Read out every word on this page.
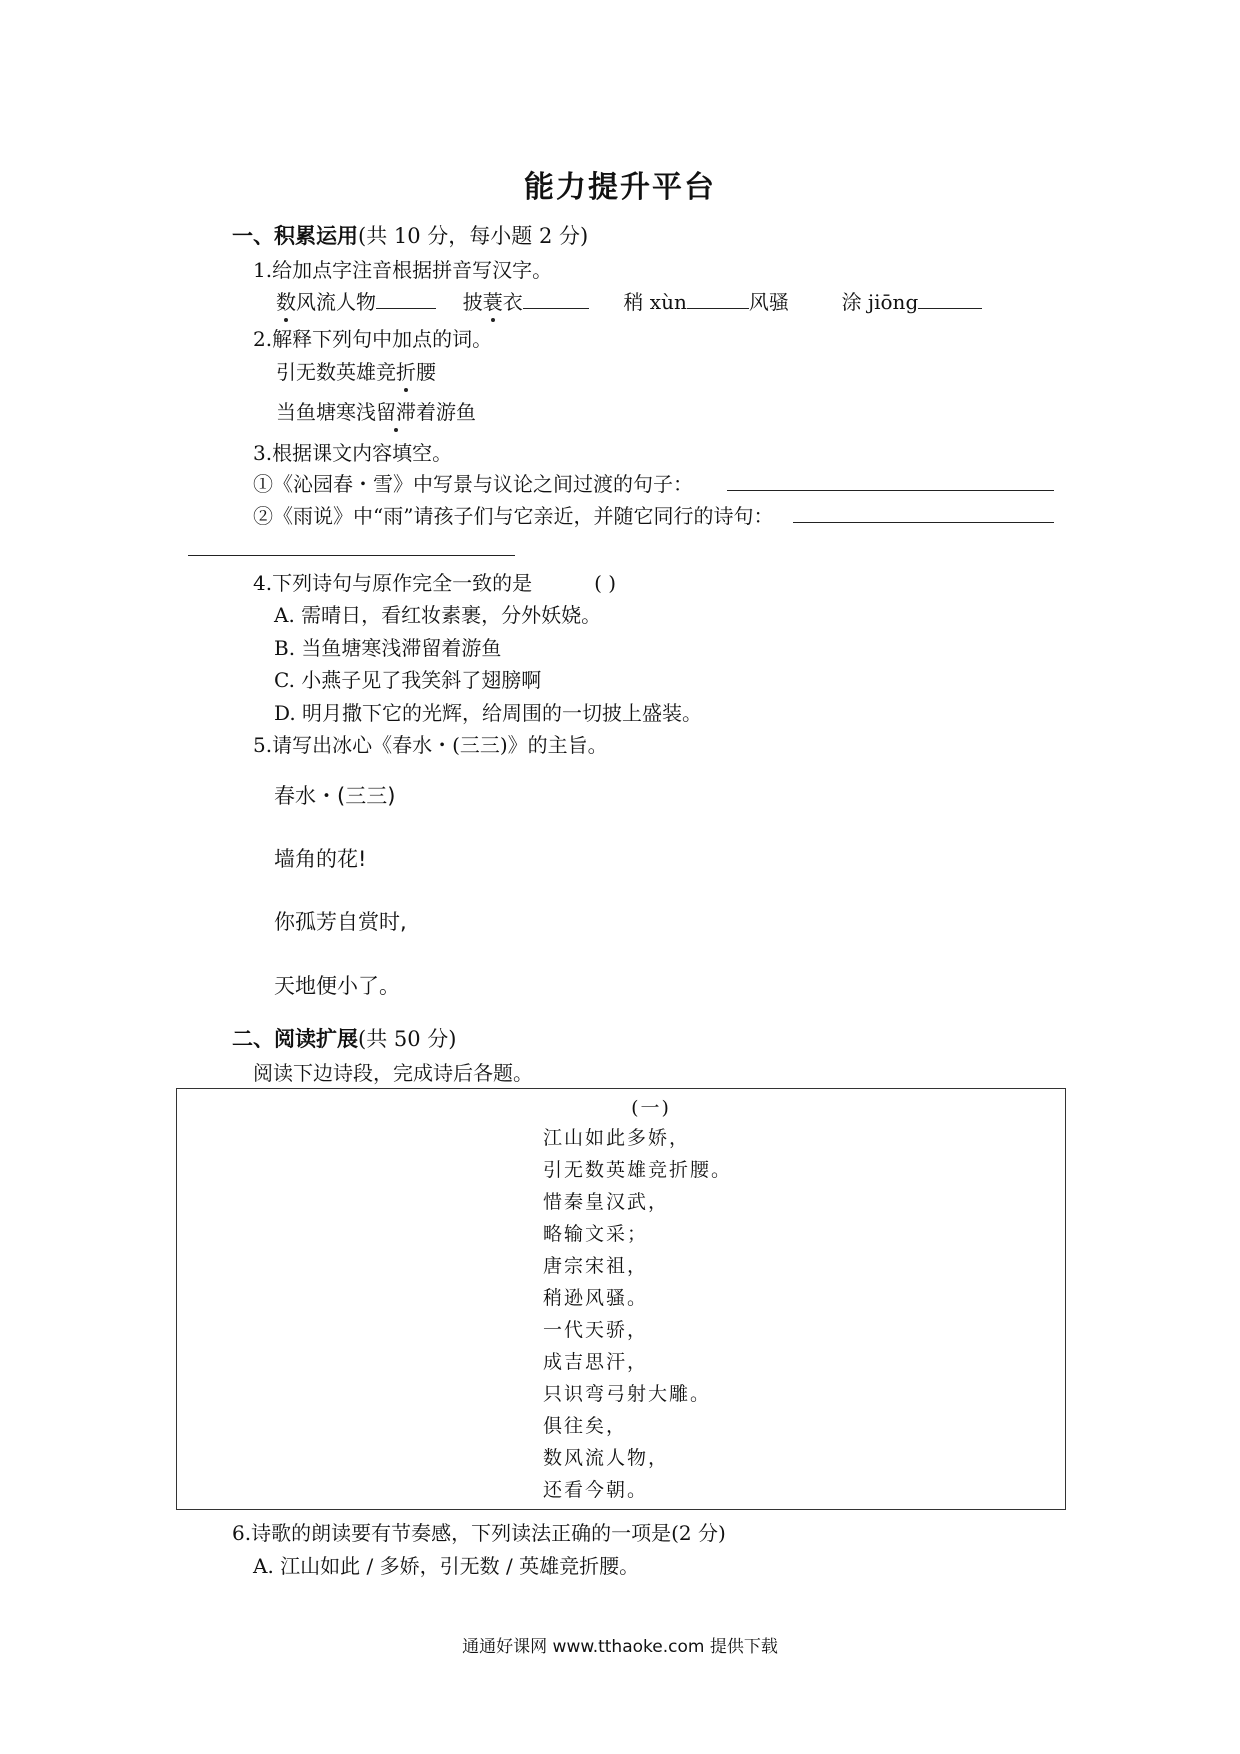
能力提升平台
一、积累运用(共 10 分，每小题 2 分)
1.给加点字注音根据拼音写汉字。
数风流人物	披蓑衣	稍 xùn	风骚	涂 jiōng
2.解释下列句中加点的词。
引无数英雄竞折腰
当鱼塘寒浅留滞着游鱼
3.根据课文内容填空。
①《沁园春・雪》中写景与议论之间过渡的句子：
②《雨说》中“雨”请孩子们与它亲近，并随它同行的诗句：
4.下列诗句与原作完全一致的是	( )
A. 需晴日，看红妆素裹，分外妖娆。
B. 当鱼塘寒浅滞留着游鱼
C. 小燕子见了我笑斜了翅膀啊
D. 明月撒下它的光辉，给周围的一切披上盛装。
5.请写出冰心《春水・(三三)》的主旨。
春水・(三三)
墙角的花!
你孤芳自赏时,
天地便小了。
二、阅读扩展(共 50 分)
阅读下边诗段，完成诗后各题。
(一)
江山如此多娇，
引无数英雄竞折腰。
惜秦皇汉武，
略输文采；
唐宗宋祖，
稍逊风骚。
一代天骄，
成吉思汗，
只识弯弓射大雕。
俱往矣，
数风流人物，
还看今朝。
6.诗歌的朗读要有节奏感，下列读法正确的一项是(2 分)
A. 江山如此 / 多娇，引无数 / 英雄竞折腰。
通通好课网 www.tthaoke.com 提供下载
